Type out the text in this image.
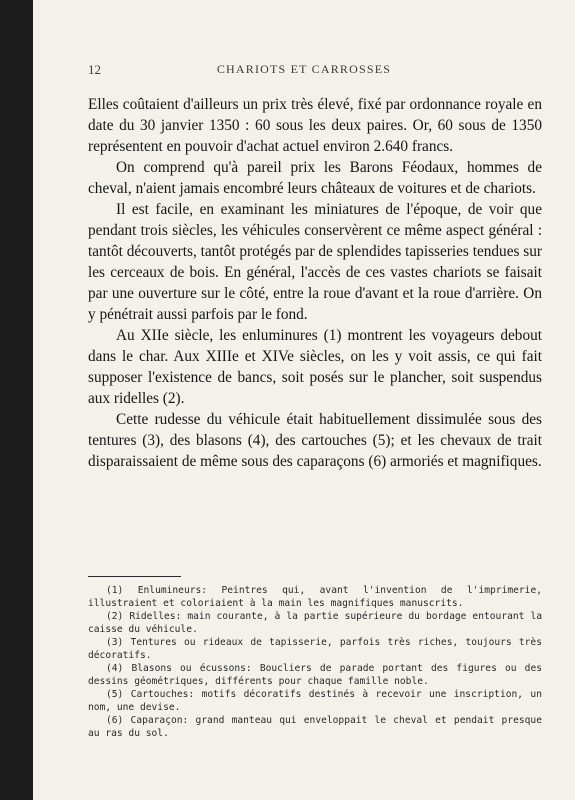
12	CHARIOTS ET CARROSSES

Elles coûtaient d'ailleurs un prix très élevé, fixé par ordonnance royale en date du 30 janvier 1350 : 60 sous les deux paires. Or, 60 sous de 1350 représentent en pouvoir d'achat actuel environ 2.640 francs.

On comprend qu'à pareil prix les Barons Féodaux, hommes de cheval, n'aient jamais encombré leurs châteaux de voitures et de chariots.

Il est facile, en examinant les miniatures de l'époque, de voir que pendant trois siècles, les véhicules conservèrent ce même aspect général : tantôt découverts, tantôt protégés par de splendides tapisseries tendues sur les cerceaux de bois. En général, l'accès de ces vastes chariots se faisait par une ouverture sur le côté, entre la roue d'avant et la roue d'arrière. On y pénétrait aussi parfois par le fond.

Au XIIe siècle, les enluminures (1) montrent les voyageurs debout dans le char. Aux XIIIe et XIVe siècles, on les y voit assis, ce qui fait supposer l'existence de bancs, soit posés sur le plancher, soit suspendus aux ridelles (2).

Cette rudesse du véhicule était habituellement dissimulée sous des tentures (3), des blasons (4), des cartouches (5); et les chevaux de trait disparaissaient de même sous des caparaçons (6) armoriés et magnifiques.

(1) Enlumineurs: Peintres qui, avant l'invention de l'imprimerie, illustraient et coloriaient à la main les magnifiques manuscrits.

(2) Ridelles: main courante, à la partie supérieure du bordage entourant la caisse du véhicule.

(3) Tentures ou rideaux de tapisserie, parfois très riches, toujours très décoratifs.

(4) Blasons ou écussons: Boucliers de parade portant des figures ou des dessins géométriques, différents pour chaque famille noble.

(5) Cartouches: motifs décoratifs destinés à recevoir une inscription, un nom, une devise.

(6) Caparaçon: grand manteau qui enveloppait le cheval et pendait presque au ras du sol.
